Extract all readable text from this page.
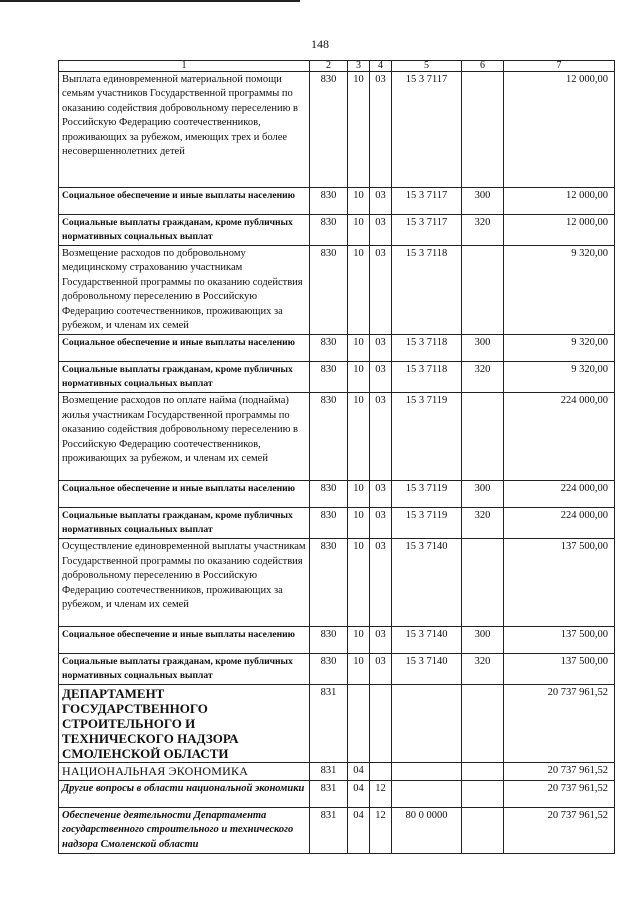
148
1	2	3	4	5	6	7
Выплата единовременной материальной помощи семьям участников Государственной программы по оказанию содействия добровольному переселению в Российскую Федерацию соотечественников, проживающих за рубежом, имеющих трех и более несовершеннолетних детей	830	10	03	15 3 7117		12 000,00
Социальное обеспечение и иные выплаты населению	830	10	03	15 3 7117	300	12 000,00
Социальные выплаты гражданам, кроме публичных нормативных социальных выплат	830	10	03	15 3 7117	320	12 000,00
Возмещение расходов по добровольному медицинскому страхованию участникам Государственной программы по оказанию содействия добровольному переселению в Российскую Федерацию соотечественников, проживающих за рубежом, и членам их семей	830	10	03	15 3 7118		9 320,00
Социальное обеспечение и иные выплаты населению	830	10	03	15 3 7118	300	9 320,00
Социальные выплаты гражданам, кроме публичных нормативных социальных выплат	830	10	03	15 3 7118	320	9 320,00
Возмещение расходов по оплате найма (поднайма) жилья участникам Государственной программы по оказанию содействия добровольному переселению в Российскую Федерацию соотечественников, проживающих за рубежом, и членам их семей	830	10	03	15 3 7119		224 000,00
Социальное обеспечение и иные выплаты населению	830	10	03	15 3 7119	300	224 000,00
Социальные выплаты гражданам, кроме публичных нормативных социальных выплат	830	10	03	15 3 7119	320	224 000,00
Осуществление единовременной выплаты участникам Государственной программы по оказанию содействия добровольному переселению в Российскую Федерацию соотечественников, проживающих за рубежом, и членам их семей	830	10	03	15 3 7140		137 500,00
Социальное обеспечение и иные выплаты населению	830	10	03	15 3 7140	300	137 500,00
Социальные выплаты гражданам, кроме публичных нормативных социальных выплат	830	10	03	15 3 7140	320	137 500,00
ДЕПАРТАМЕНТ ГОСУДАРСТВЕННОГО СТРОИТЕЛЬНОГО И ТЕХНИЧЕСКОГО НАДЗОРА СМОЛЕНСКОЙ ОБЛАСТИ	831					20 737 961,52
НАЦИОНАЛЬНАЯ ЭКОНОМИКА	831	04				20 737 961,52
Другие вопросы в области национальной экономики	831	04	12			20 737 961,52
Обеспечение деятельности Департамента государственного строительного и технического надзора Смоленской области	831	04	12	80 0 0000		20 737 961,52
